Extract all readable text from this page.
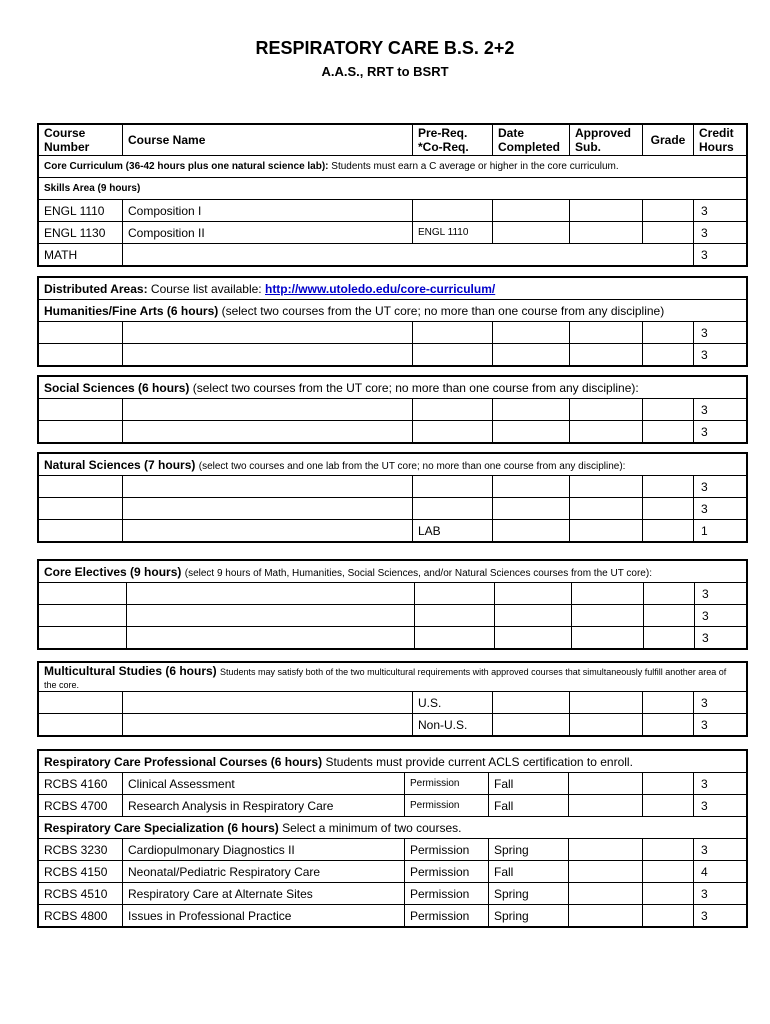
RESPIRATORY CARE B.S. 2+2
A.A.S., RRT to BSRT
Course Number	Course Name	Pre-Req. *Co-Req.	Date Completed	Approved Sub.	Grade	Credit Hours
Core Curriculum (36-42 hours plus one natural science lab): Students must earn a C average or higher in the core curriculum.						
Skills Area (9 hours)						
ENGL 1110	Composition I					3
ENGL 1130	Composition II	ENGL 1110				3
MATH						3
Distributed Areas: Course list available: http://www.utoledo.edu/core-curriculum/						
Humanities/Fine Arts (6 hours) (select two courses from the UT core; no more than one course from any discipline)						
						3
						3
Social Sciences (6 hours) (select two courses from the UT core; no more than one course from any discipline):						
						3
						3
Natural Sciences (7 hours) (select two courses and one lab from the UT core; no more than one course from any discipline):						
						3
						3
		LAB				1
Core Electives (9 hours) (select 9 hours of Math, Humanities, Social Sciences, and/or Natural Sciences courses from the UT core):						
						3
						3
						3
Multicultural Studies (6 hours) Students may satisfy both of the two multicultural requirements with approved courses that simultaneously fulfill another area of the core.						
		U.S.				3
		Non-U.S.				3
Respiratory Care Professional Courses (6 hours) Students must provide current ACLS certification to enroll.						
RCBS 4160	Clinical Assessment	Permission	Fall			3
RCBS 4700	Research Analysis in Respiratory Care	Permission	Fall			3
Respiratory Care Specialization (6 hours) Select a minimum of two courses.						
RCBS 3230	Cardiopulmonary Diagnostics II	Permission	Spring			3
RCBS 4150	Neonatal/Pediatric Respiratory Care	Permission	Fall			4
RCBS 4510	Respiratory Care at Alternate Sites	Permission	Spring			3
RCBS 4800	Issues in Professional Practice	Permission	Spring			3
